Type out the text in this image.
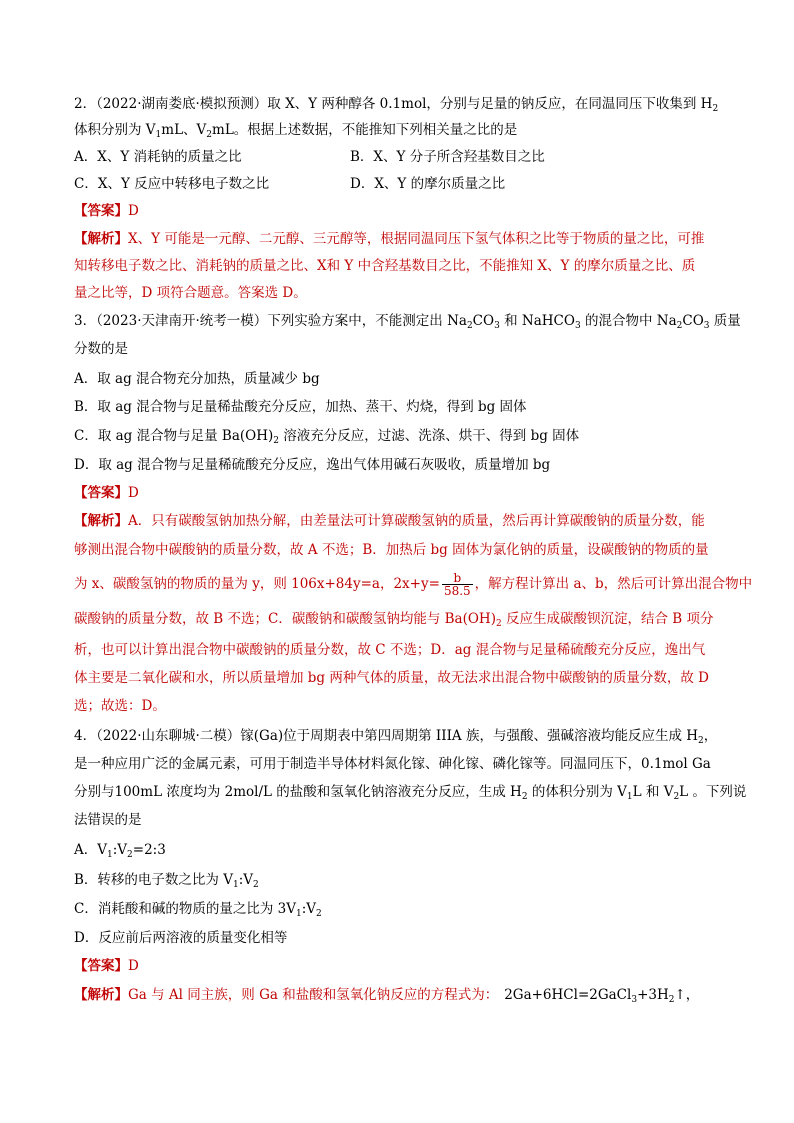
2．（2022·湖南娄底·模拟预测）取 X、Y 两种醇各 0.1mol，分别与足量的钠反应，在同温同压下收集到 $H_2$
体积分别为 $V_1mL$、$V_2mL$。根据上述数据，不能推知下列相关量之比的是
A．X、Y 消耗钠的质量之比	B．X、Y 分子所含羟基数目之比
C．X、Y 反应中转移电子数之比	D．X、Y 的摩尔质量之比
【答案】D
【解析】X、Y 可能是一元醇、二元醇、三元醇等，根据同温同压下氢气体积之比等于物质的量之比，可推
知转移电子数之比、消耗钠的质量之比、X和 Y 中含羟基数目之比，不能推知 X、Y 的摩尔质量之比、质
量之比等，D 项符合题意。答案选 D。
3．（2023·天津南开·统考一模）下列实验方案中，不能测定出 $Na_2CO_3$ 和 NaHCO$_3$ 的混合物中 $Na_2CO_3$ 质量
分数的是
A．取 ag 混合物充分加热，质量减少 bg
B．取 ag 混合物与足量稀盐酸充分反应，加热、蒸干、灼烧，得到 bg 固体
C．取 ag 混合物与足量 $Ba(OH)_2$ 溶液充分反应，过滤、洗涤、烘干、得到 bg 固体
D．取 ag 混合物与足量稀硫酸充分反应，逸出气体用碱石灰吸收，质量增加 bg
【答案】D
【解析】A．只有碳酸氢钠加热分解，由差量法可计算碳酸氢钠的质量，然后再计算碳酸钠的质量分数，能
够测出混合物中碳酸钠的质量分数，故 A 不选；B．加热后 bg 固体为氯化钠的质量，设碳酸钠的物质的量
为 x、碳酸氢钠的物质的量为 y，则 106x+84y=a，$2x+y= \frac{b}{58.5}$ ，解方程计算出 a、b，然后可计算出混合物中
碳酸钠的质量分数，故 B 不选；C．碳酸钠和碳酸氢钠均能与 $Ba(OH)_2$ 反应生成碳酸钡沉淀，结合 B 项分
析，也可以计算出混合物中碳酸钠的质量分数，故 C 不选；D．ag 混合物与足量稀硫酸充分反应，逸出气
体主要是二氧化碳和水，所以质量增加 bg 两种气体的质量，故无法求出混合物中碳酸钠的质量分数，故 D
选；故选：D。
4．（2022·山东聊城·二模）镓(Ga)位于周期表中第四周期第 IIIA 族，与强酸、强碱溶液均能反应生成 $H_2$，
是一种应用广泛的金属元素，可用于制造半导体材料氮化镓、砷化镓、磷化镓等。同温同压下，0.1mol Ga
分别与100mL 浓度均为 2mol/L 的盐酸和氢氧化钠溶液充分反应，生成 $H_2$ 的体积分别为 $V_1L$ 和 $V_2L$ 。下列说
法错误的是
A．$V_1:V_2=2:3$
B．转移的电子数之比为 $V_1:V_2$
C．消耗酸和碱的物质的量之比为 $3V_1:V_2$
D．反应前后两溶液的质量变化相等
【答案】D
【解析】Ga 与 Al 同主族，则 Ga 和盐酸和氢氧化钠反应的方程式为： $2Ga+6HCl=2GaCl_3+3H_2↑$，
